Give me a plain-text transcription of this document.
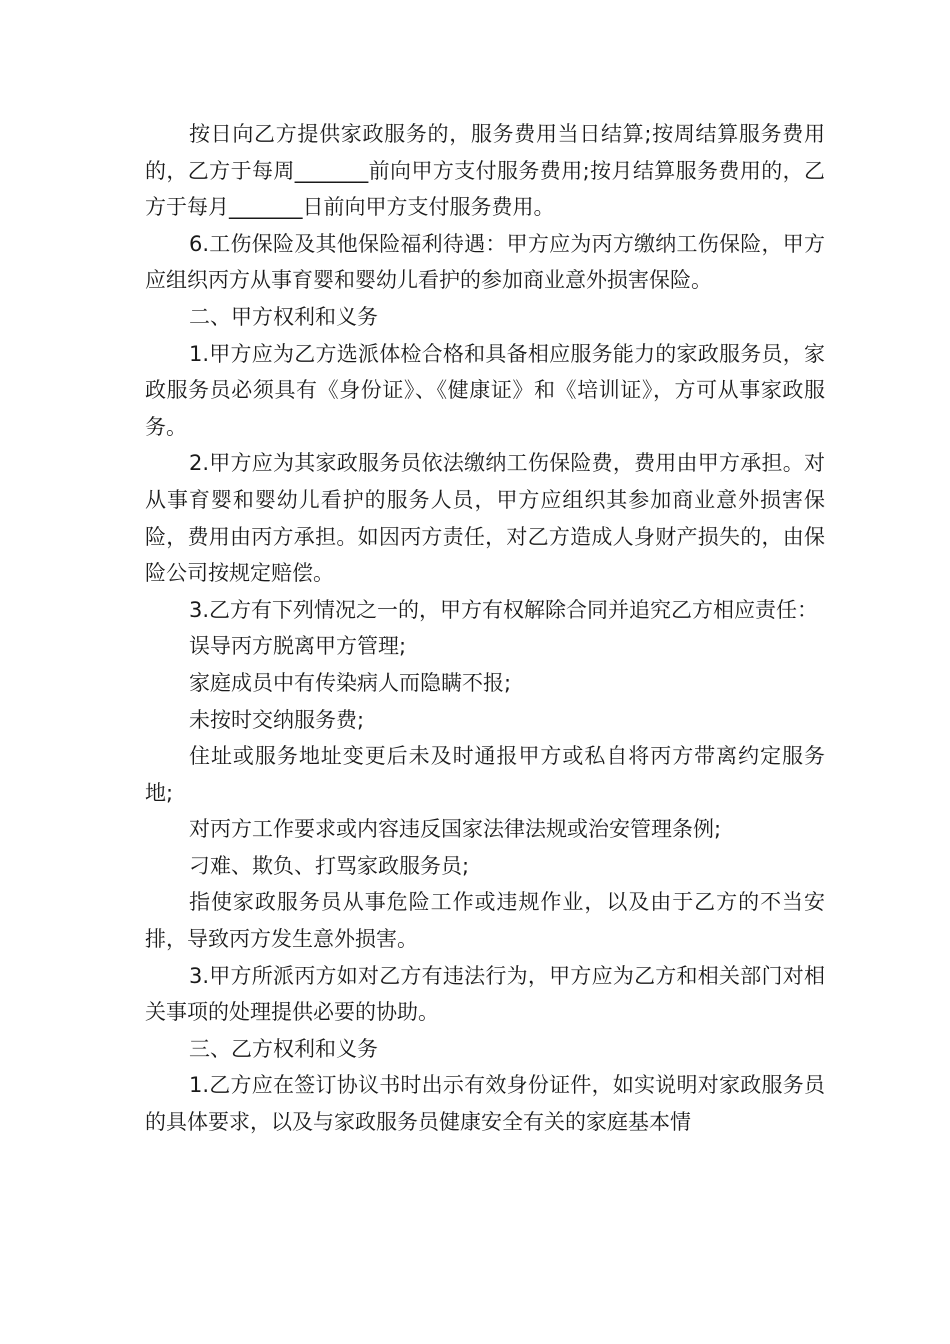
按日向乙方提供家政服务的，服务费用当日结算;按周结算服务费用的，乙方于每周_______前向甲方支付服务费用;按月结算服务费用的，乙方于每月_______日前向甲方支付服务费用。

6.工伤保险及其他保险福利待遇：甲方应为丙方缴纳工伤保险，甲方应组织丙方从事育婴和婴幼儿看护的参加商业意外损害保险。

二、甲方权利和义务

1.甲方应为乙方选派体检合格和具备相应服务能力的家政服务员，家政服务员必须具有《身份证》、《健康证》和《培训证》，方可从事家政服务。

2.甲方应为其家政服务员依法缴纳工伤保险费，费用由甲方承担。对从事育婴和婴幼儿看护的服务人员，甲方应组织其参加商业意外损害保险，费用由丙方承担。如因丙方责任，对乙方造成人身财产损失的，由保险公司按规定赔偿。

3.乙方有下列情况之一的，甲方有权解除合同并追究乙方相应责任：

误导丙方脱离甲方管理;

家庭成员中有传染病人而隐瞒不报;

未按时交纳服务费;

住址或服务地址变更后未及时通报甲方或私自将丙方带离约定服务地;

对丙方工作要求或内容违反国家法律法规或治安管理条例;

刁难、欺负、打骂家政服务员;

指使家政服务员从事危险工作或违规作业，以及由于乙方的不当安排，导致丙方发生意外损害。

3.甲方所派丙方如对乙方有违法行为，甲方应为乙方和相关部门对相关事项的处理提供必要的协助。

三、乙方权利和义务

1.乙方应在签订协议书时出示有效身份证件，如实说明对家政服务员的具体要求，以及与家政服务员健康安全有关的家庭基本情
